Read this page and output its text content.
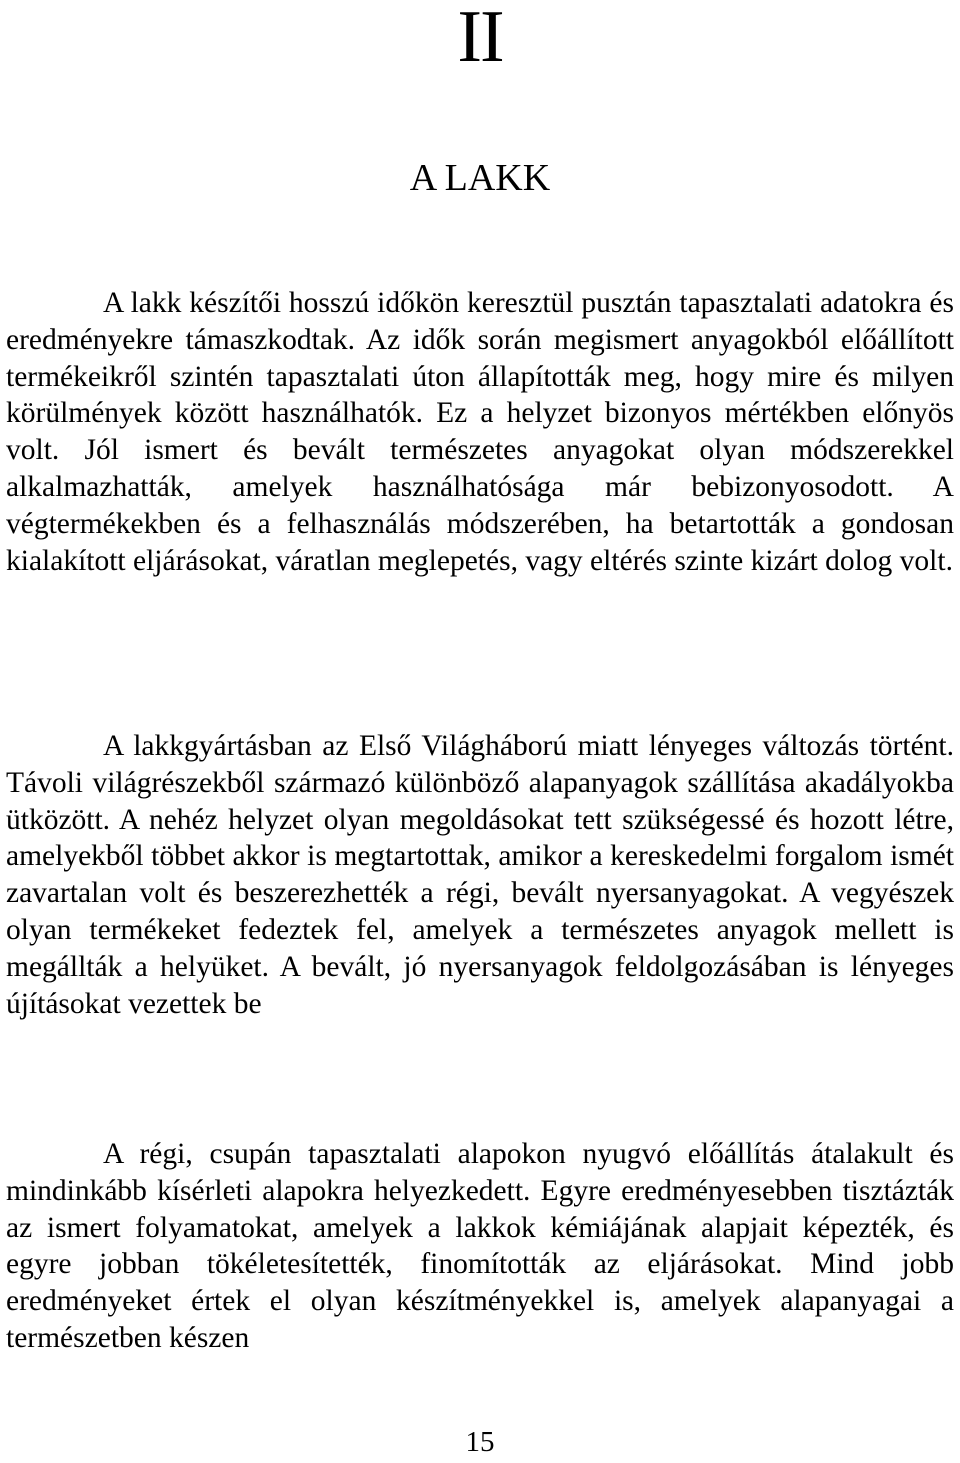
II
A LAKK

A lakk készítői hosszú időkön keresztül pusztán tapasztalati adatokra és eredményekre támaszkodtak. Az idők során megismert anyagokból előállított termékeikről szintén tapasztalati úton állapították meg, hogy mire és milyen körülmények között használhatók. Ez a helyzet bizonyos mértékben előnyös volt. Jól ismert és bevált természetes anyagokat olyan módszerekkel alkalmazhatták, amelyek használhatósága már bebizonyosodott. A végtermékekben és a felhasználás módszerében, ha betartották a gondosan kialakított eljárásokat, váratlan meglepetés, vagy eltérés szinte kizárt dolog volt.

A lakkgyártásban az Első Világháború miatt lényeges változás történt. Távoli világrészekből származó különböző alapanyagok szállítása akadályokba ütközött. A nehéz helyzet olyan megoldásokat tett szükségessé és hozott létre, amelyekből többet akkor is megtartottak, amikor a kereskedelmi forgalom ismét zavartalan volt és beszerezhették a régi, bevált nyersanyagokat. A vegyészek olyan termékeket fedeztek fel, amelyek a természetes anyagok mellett is megállták a helyüket. A bevált, jó nyersanyagok feldolgozásában is lényeges újításokat vezettek be

A régi, csupán tapasztalati alapokon nyugvó előállítás átalakult és mindinkább kísérleti alapokra helyezkedett. Egyre eredményesebben tisztázták az ismert folyamatokat, amelyek a lakkok kémiájának alapjait képezték, és egyre jobban tökéletesítették, finomították az eljárásokat. Mind jobb eredményeket értek el olyan készítményekkel is, amelyek alapanyagai a természetben készen

15
